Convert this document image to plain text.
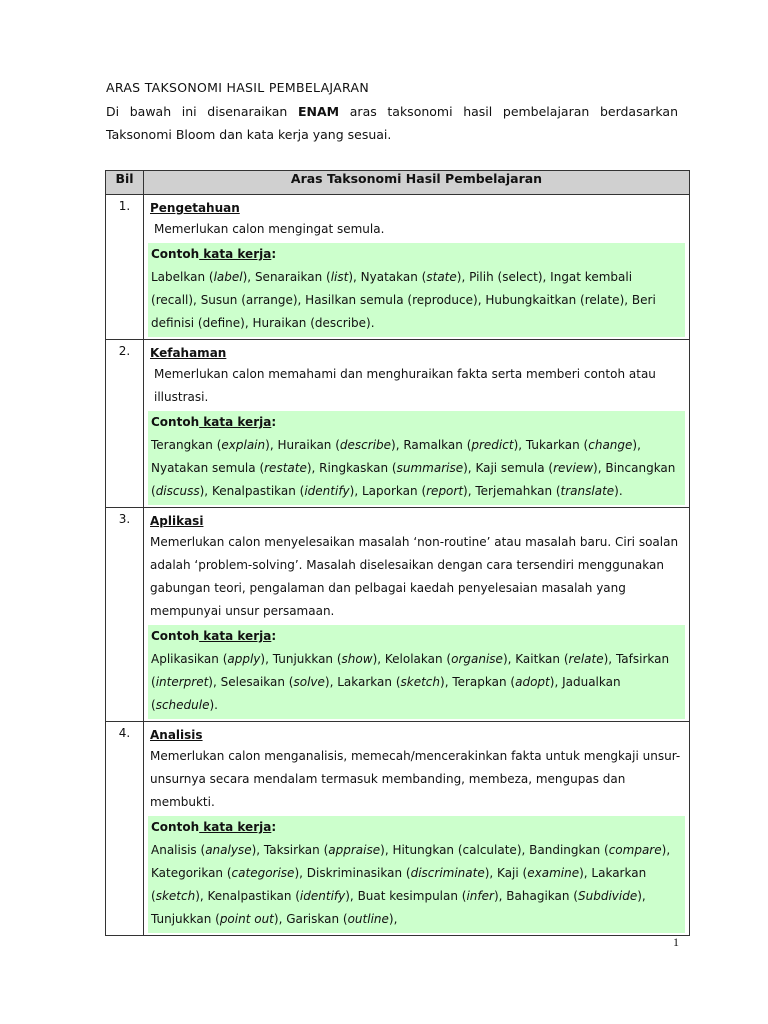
ARAS TAKSONOMI HASIL PEMBELAJARAN
Di bawah ini disenaraikan ENAM aras taksonomi hasil pembelajaran berdasarkan Taksonomi Bloom dan kata kerja yang sesuai.
Bil	Aras Taksonomi Hasil Pembelajaran
1.	Pengetahuan
Memerlukan calon mengingat semula.
Contoh kata kerja:
Labelkan (label), Senaraikan (list), Nyatakan (state), Pilih (select), Ingat kembali (recall), Susun (arrange), Hasilkan semula (reproduce), Hubungkaitkan (relate), Beri definisi (define), Huraikan (describe).

2.	Kefahaman
Memerlukan calon memahami dan menghuraikan fakta serta memberi contoh atau illustrasi.
Contoh kata kerja:
Terangkan (explain), Huraikan (describe), Ramalkan (predict), Tukarkan (change), Nyatakan semula (restate), Ringkaskan (summarise), Kaji semula (review), Bincangkan (discuss), Kenalpastikan (identify), Laporkan (report), Terjemahkan (translate).

3.	Aplikasi
Memerlukan calon menyelesaikan masalah ‘non-routine’ atau masalah baru. Ciri soalan adalah ‘problem-solving’. Masalah diselesaikan dengan cara tersendiri menggunakan gabungan teori, pengalaman dan pelbagai kaedah penyelesaian masalah yang mempunyai unsur persamaan.
Contoh kata kerja:
Aplikasikan (apply), Tunjukkan (show), Kelolakan (organise), Kaitkan (relate), Tafsirkan (interpret), Selesaikan (solve), Lakarkan (sketch), Terapkan (adopt), Jadualkan (schedule).

4.	Analisis
Memerlukan calon menganalisis, memecah/mencerakinkan fakta untuk mengkaji unsur-unsurnya secara mendalam termasuk membanding, membeza, mengupas dan membukti.
Contoh kata kerja:
Analisis (analyse), Taksirkan (appraise), Hitungkan (calculate), Bandingkan (compare), Kategorikan (categorise), Diskriminasikan (discriminate), Kaji (examine), Lakarkan (sketch), Kenalpastikan (identify), Buat kesimpulan (infer), Bahagikan (Subdivide), Tunjukkan (point out), Gariskan (outline),
1
